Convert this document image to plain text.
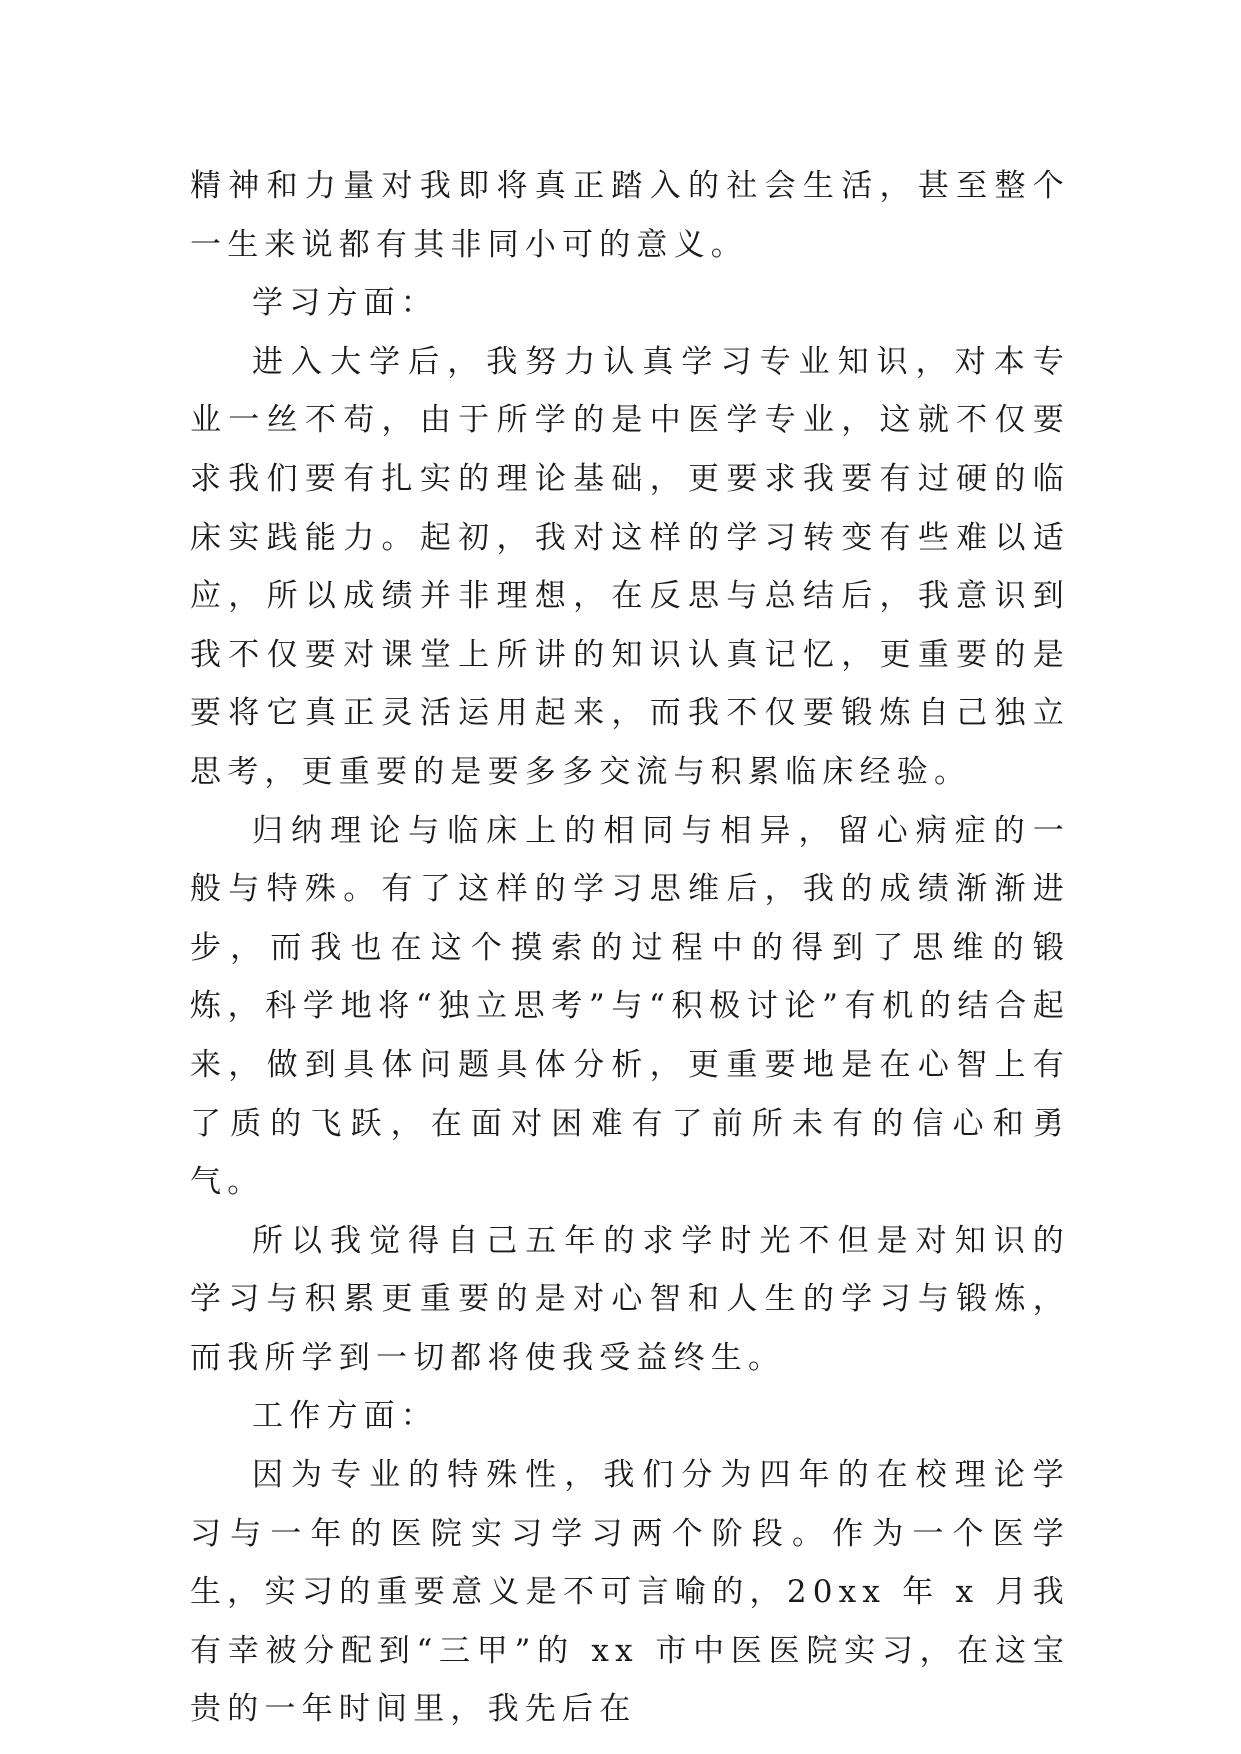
精神和力量对我即将真正踏入的社会生活，甚至整个一生来说都有其非同小可的意义。

学习方面：

进入大学后，我努力认真学习专业知识，对本专业一丝不苟，由于所学的是中医学专业，这就不仅要求我们要有扎实的理论基础，更要求我要有过硬的临床实践能力。起初，我对这样的学习转变有些难以适应，所以成绩并非理想，在反思与总结后，我意识到我不仅要对课堂上所讲的知识认真记忆，更重要的是要将它真正灵活运用起来，而我不仅要锻炼自己独立思考，更重要的是要多多交流与积累临床经验。

归纳理论与临床上的相同与相异，留心病症的一般与特殊。有了这样的学习思维后，我的成绩渐渐进步，而我也在这个摸索的过程中的得到了思维的锻炼，科学地将“独立思考”与“积极讨论”有机的结合起来，做到具体问题具体分析，更重要地是在心智上有了质的飞跃，在面对困难有了前所未有的信心和勇气。

所以我觉得自己五年的求学时光不但是对知识的学习与积累更重要的是对心智和人生的学习与锻炼，而我所学到一切都将使我受益终生。

工作方面：

因为专业的特殊性，我们分为四年的在校理论学习与一年的医院实习学习两个阶段。作为一个医学生，实习的重要意义是不可言喻的，20xx 年 x 月我有幸被分配到“三甲”的 xx 市中医医院实习，在这宝贵的一年时间里，我先后在
